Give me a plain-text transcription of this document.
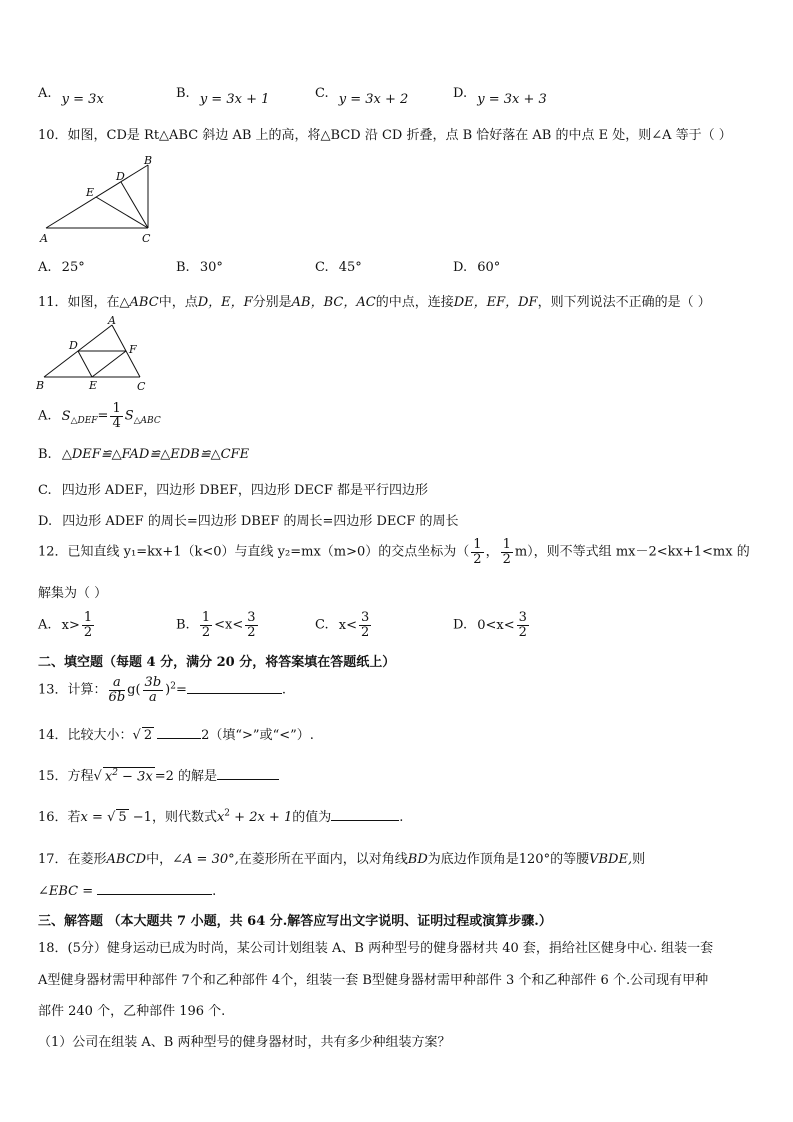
A. y = 3x	B. y = 3x + 1	C. y = 3x + 2	D. y = 3x + 3
10．如图，CD是 Rt△ABC 斜边 AB 上的高，将△BCD 沿 CD 折叠，点 B 恰好落在 AB 的中点 E 处，则∠A 等于（ ）
A
B
C
D
E
A. 25°	B. 30°	C. 45°	D. 60°
11．如图，在△ABC中，点D，E，F分别是AB，BC，AC的中点，连接DE，EF，DF，则下列说法不正确的是（ ）
B
A
C
D
E
F
A. $S_{\triangle DEF}= \frac{1}{4} S_{\triangle ABC}$
B. △DEF≌△FAD≌△EDB≌△CFE
C. 四边形 ADEF，四边形 DBEF，四边形 DECF 都是平行四边形
D. 四边形 ADEF 的周长=四边形 DBEF 的周长=四边形 DECF 的周长
12．已知直线 y₁=kx+1（k<0）与直线 y₂=mx（m>0）的交点坐标为（ $\frac{1}{2}$ ， $\frac{1}{2} m$），则不等式组 mx－2<kx+1<mx 的
解集为（ ）
A. $x> \frac{1}{2}$	B. $\frac{1}{2} <x< \frac{3}{2}$	C. $x< \frac{3}{2}$	D. $0<x< \frac{3}{2}$
二、填空题（每题 4 分，满分 20 分，将答案填在答题纸上）
13．计算： $\frac{a}{6b} g( \frac{3b}{a} )^2=$	.
14．比较大小：√ 2	2（填“>”或“<”）.
15．方程√ $x^2 - 3x =2$ 的解是
16．若x = √ 5 −1，则代数式$x^2 + 2x + 1$的值为	.
17．在菱形ABCD中，∠A = 30°,在菱形所在平面内，以对角线BD为底边作顶角是120°的等腰VBDE,则
∠EBC =	.
三、解答题 （本大题共 7 小题，共 64 分.解答应写出文字说明、证明过程或演算步骤.）
18．(5分）健身运动已成为时尚，某公司计划组装 A、B 两种型号的健身器材共 40 套，捐给社区健身中心. 组装一套
A型健身器材需甲种部件 7个和乙种部件 4个，组装一套 B型健身器材需甲种部件 3 个和乙种部件 6 个.公司现有甲种
部件 240 个，乙种部件 196 个.
（1）公司在组装 A、B 两种型号的健身器材时，共有多少种组装方案？
